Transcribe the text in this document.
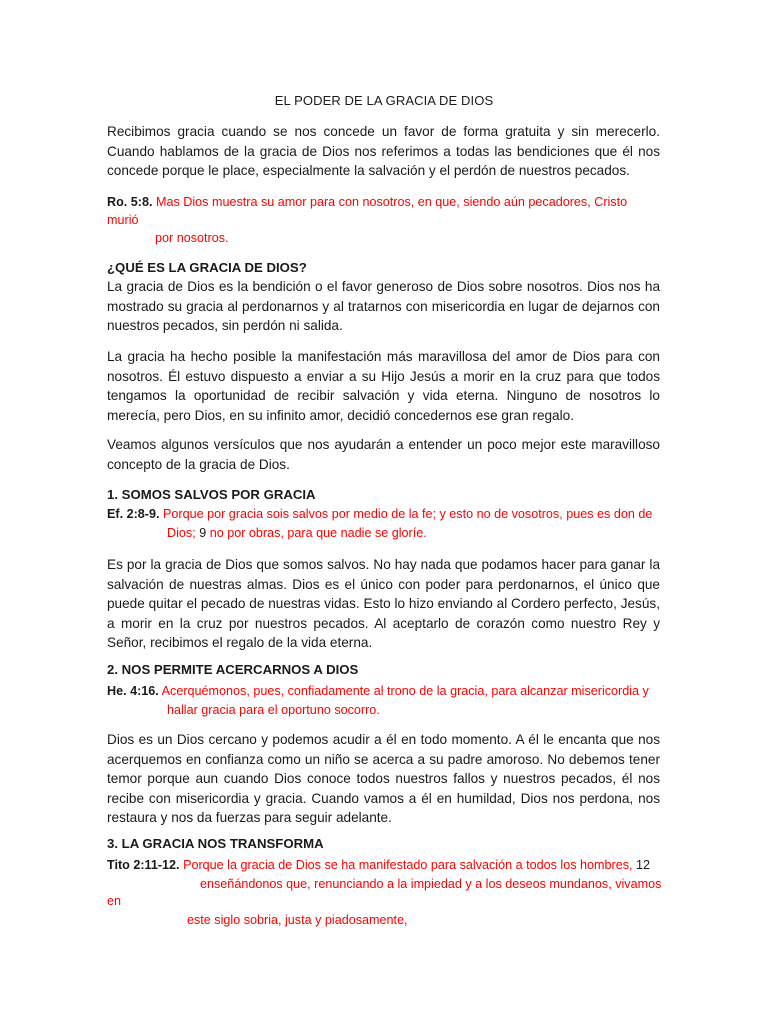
EL PODER DE LA GRACIA DE DIOS

Recibimos gracia cuando se nos concede un favor de forma gratuita y sin merecerlo. Cuando hablamos de la gracia de Dios nos referimos a todas las bendiciones que él nos concede porque le place, especialmente la salvación y el perdón de nuestros pecados.

Ro. 5:8. Mas Dios muestra su amor para con nosotros, en que, siendo aún pecadores, Cristo
murió
por nosotros.

¿QUÉ ES LA GRACIA DE DIOS?

La gracia de Dios es la bendición o el favor generoso de Dios sobre nosotros. Dios nos ha mostrado su gracia al perdonarnos y al tratarnos con misericordia en lugar de dejarnos con nuestros pecados, sin perdón ni salida.

La gracia ha hecho posible la manifestación más maravillosa del amor de Dios para con nosotros. Él estuvo dispuesto a enviar a su Hijo Jesús a morir en la cruz para que todos tengamos la oportunidad de recibir salvación y vida eterna. Ninguno de nosotros lo merecía, pero Dios, en su infinito amor, decidió concedernos ese gran regalo.

Veamos algunos versículos que nos ayudarán a entender un poco mejor este maravilloso concepto de la gracia de Dios.

1. SOMOS SALVOS POR GRACIA

Ef. 2:8-9. Porque por gracia sois salvos por medio de la fe; y esto no de vosotros, pues es don de
Dios; 9 no por obras, para que nadie se gloríe.

Es por la gracia de Dios que somos salvos. No hay nada que podamos hacer para ganar la salvación de nuestras almas. Dios es el único con poder para perdonarnos, el único que puede quitar el pecado de nuestras vidas. Esto lo hizo enviando al Cordero perfecto, Jesús, a morir en la cruz por nuestros pecados. Al aceptarlo de corazón como nuestro Rey y Señor, recibimos el regalo de la vida eterna.

2. NOS PERMITE ACERCARNOS A DIOS

He. 4:16. Acerquémonos, pues, confiadamente al trono de la gracia, para alcanzar misericordia y
hallar gracia para el oportuno socorro.

Dios es un Dios cercano y podemos acudir a él en todo momento. A él le encanta que nos acerquemos en confianza como un niño se acerca a su padre amoroso. No debemos tener temor porque aun cuando Dios conoce todos nuestros fallos y nuestros pecados, él nos recibe con misericordia y gracia. Cuando vamos a él en humildad, Dios nos perdona, nos restaura y nos da fuerzas para seguir adelante.

3. LA GRACIA NOS TRANSFORMA

Tito 2:11-12. Porque la gracia de Dios se ha manifestado para salvación a todos los hombres, 12
enseñándonos que, renunciando a la impiedad y a los deseos mundanos, vivamos
en
este siglo sobria, justa y piadosamente,
